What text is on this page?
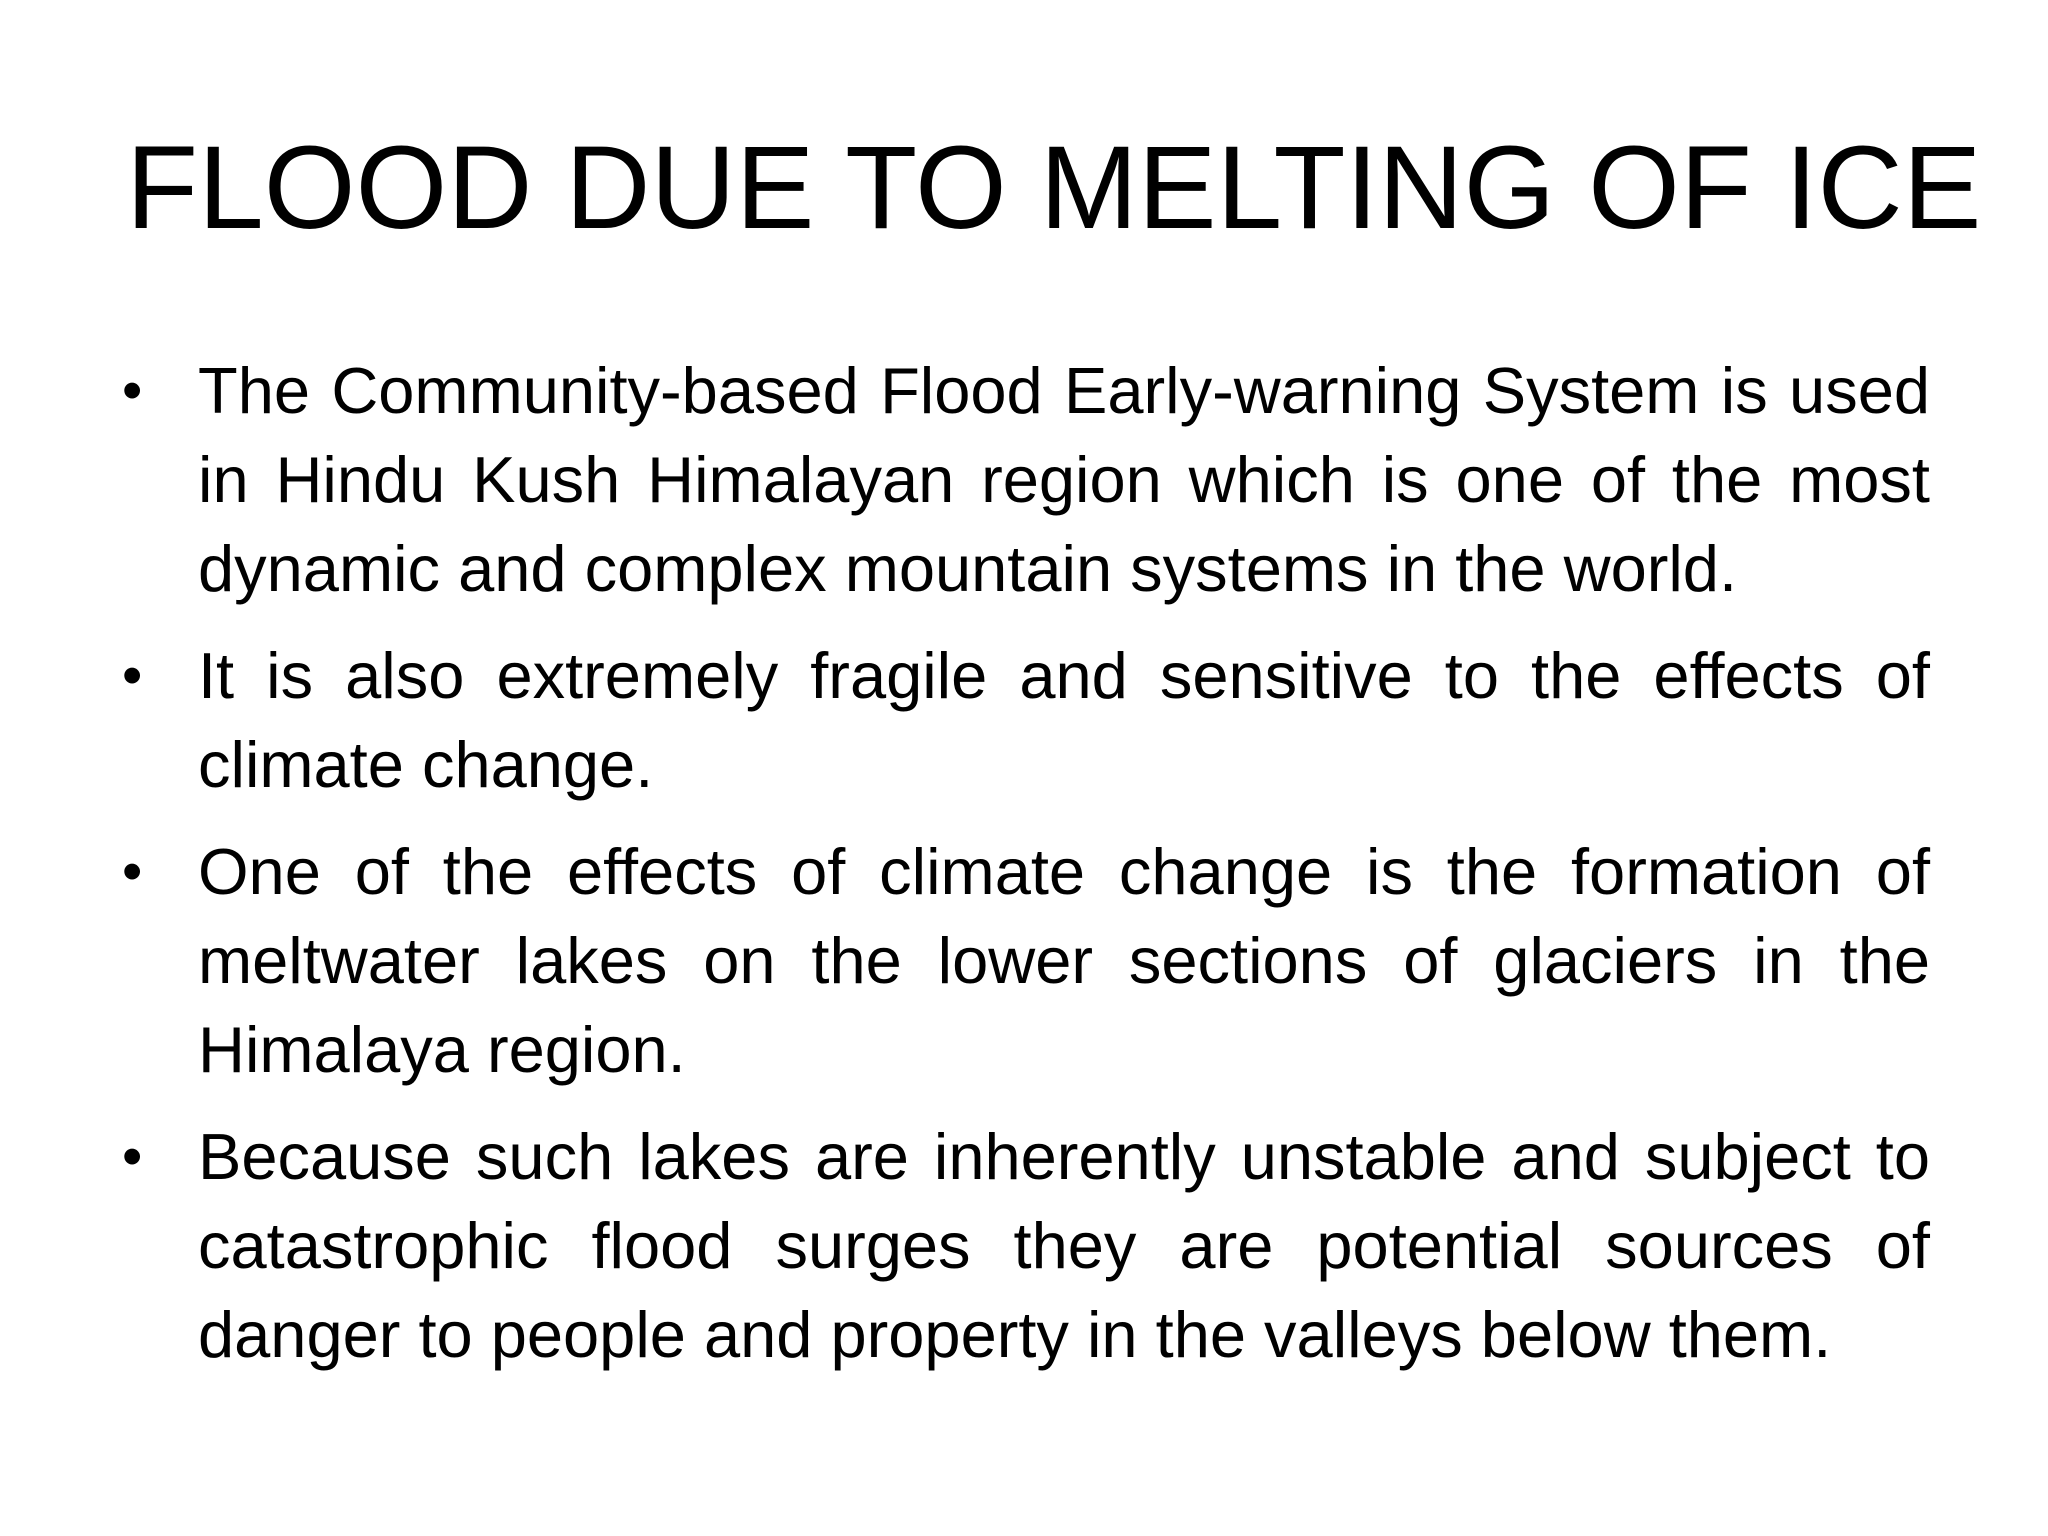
FLOOD DUE TO MELTING OF ICE
• The Community-based Flood Early-warning System is used in Hindu Kush Himalayan region which is one of the most dynamic and complex mountain systems in the world.
• It is also extremely fragile and sensitive to the effects of climate change.
• One of the effects of climate change is the formation of meltwater lakes on the lower sections of glaciers in the Himalaya region.
• Because such lakes are inherently unstable and subject to catastrophic flood surges they are potential sources of danger to people and property in the valleys below them.
